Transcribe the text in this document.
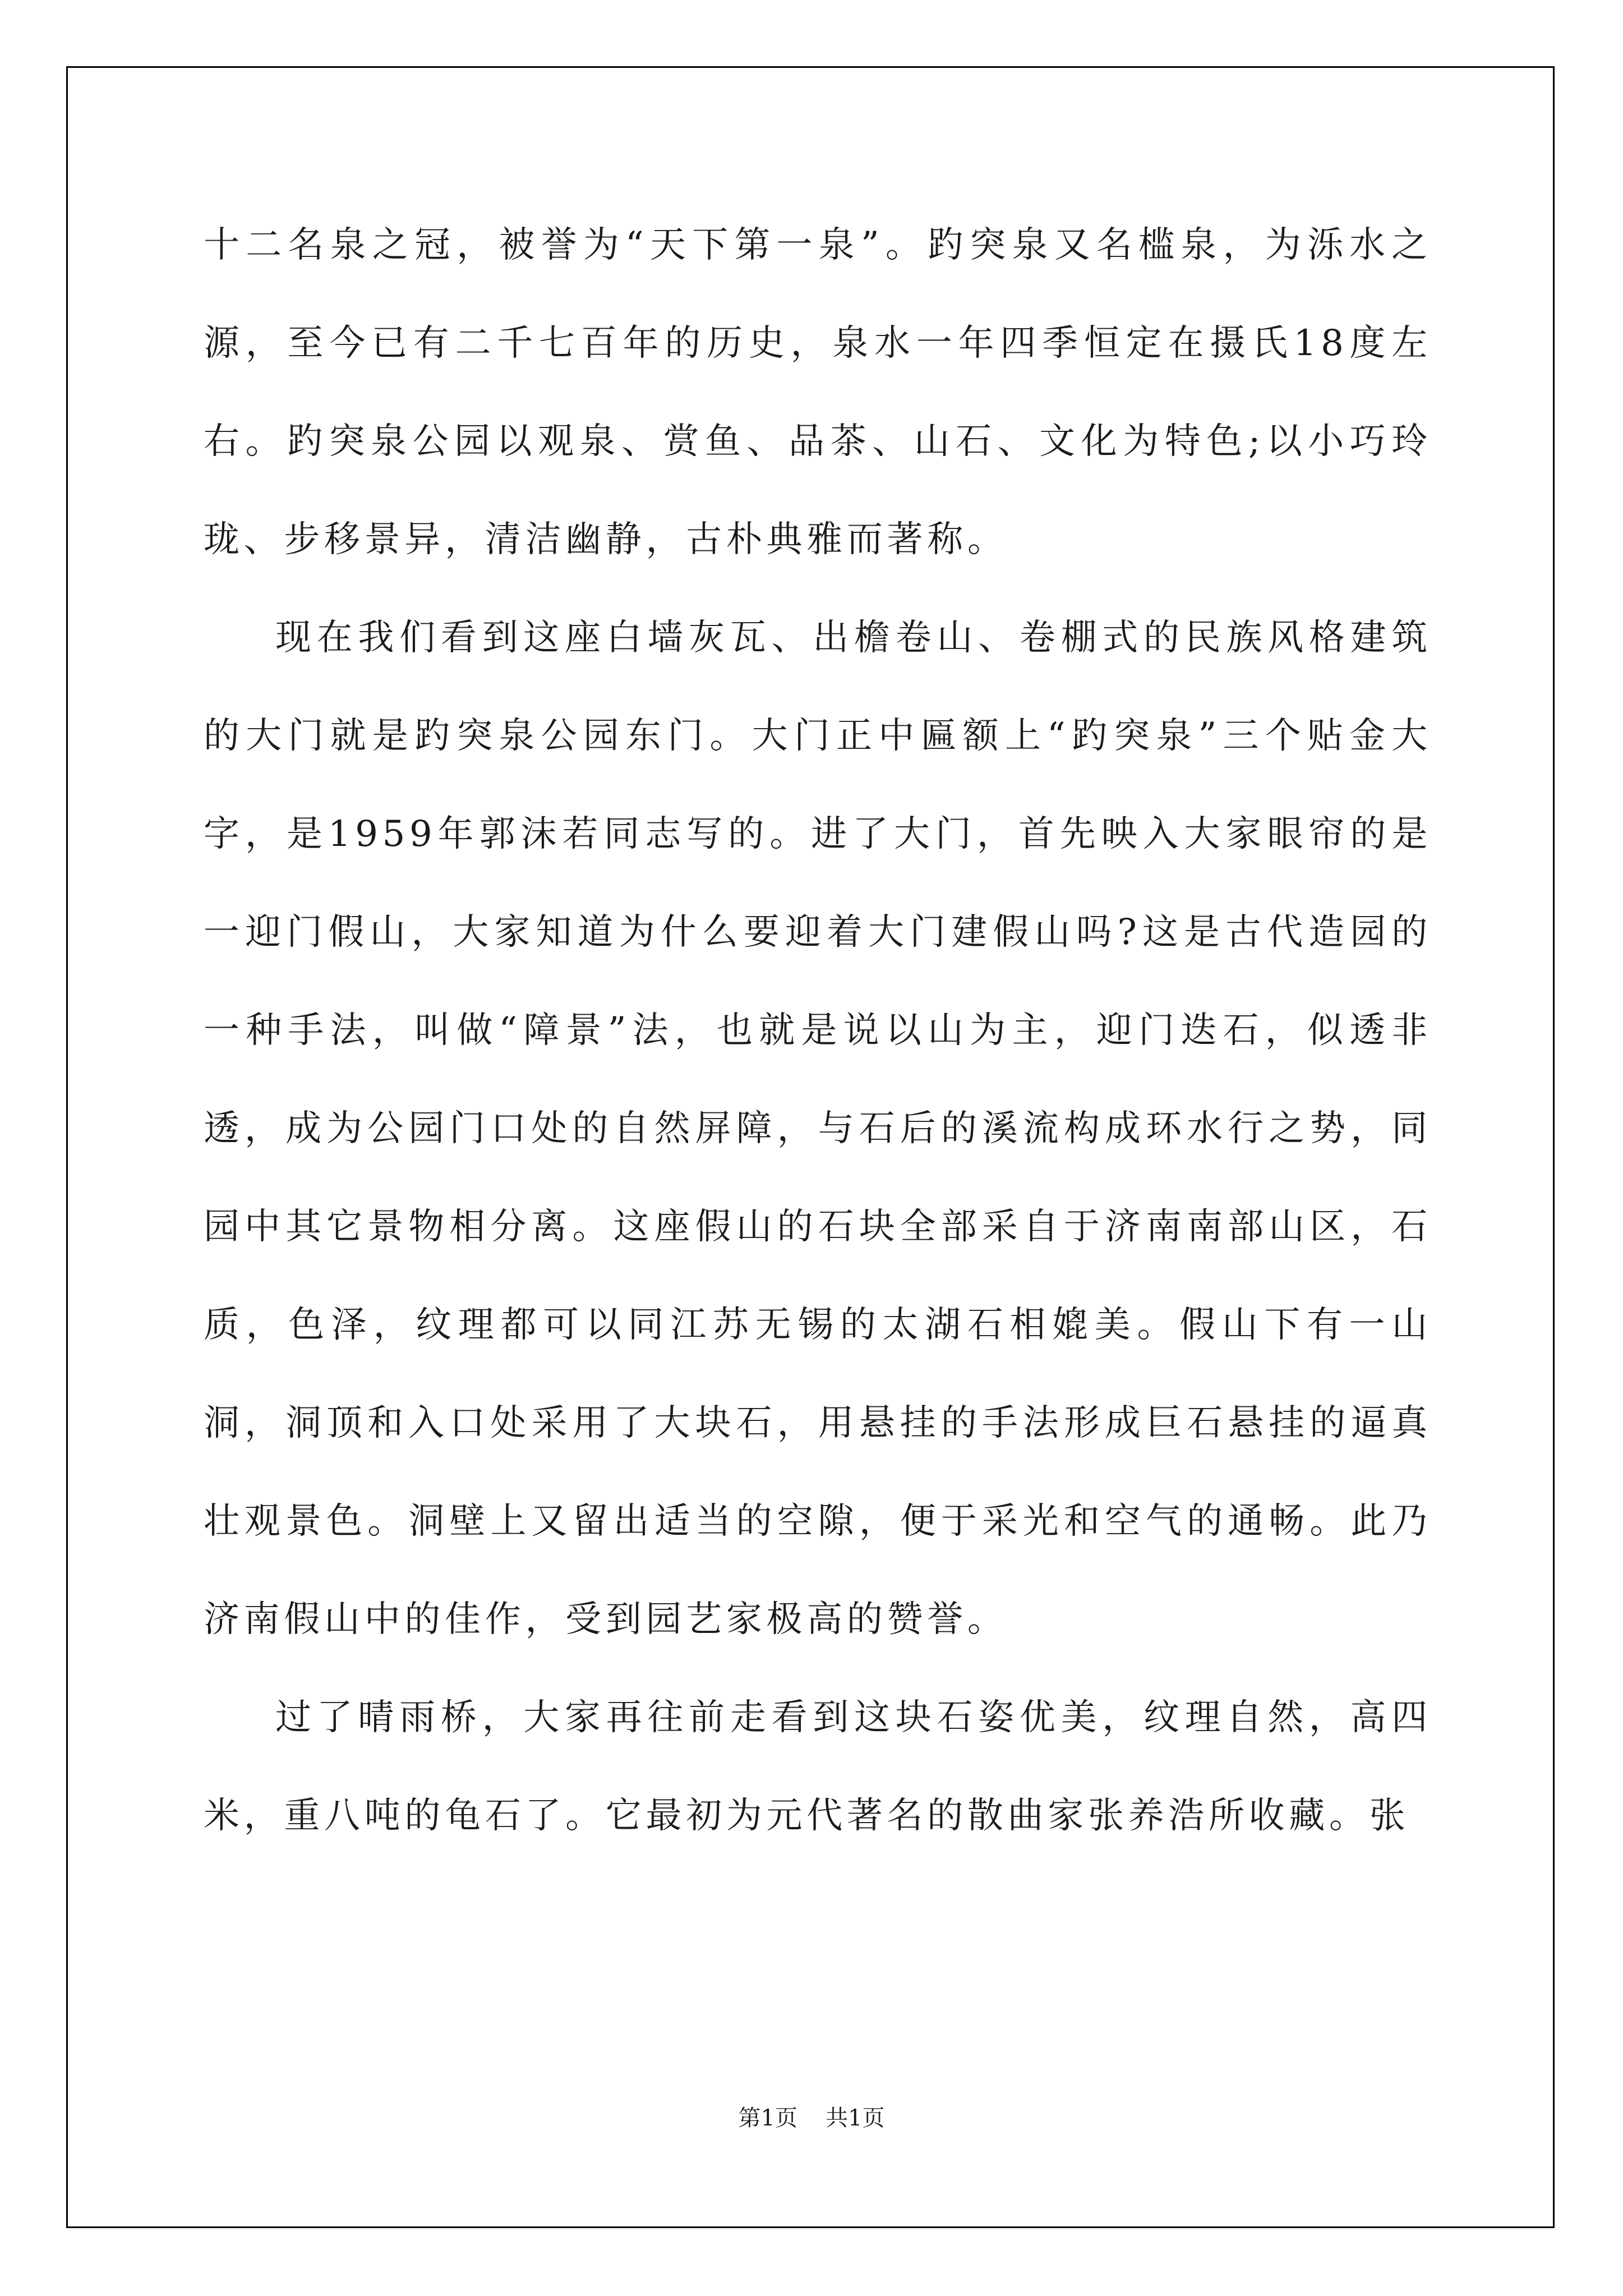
十二名泉之冠，被誉为“天下第一泉”。趵突泉又名槛泉，为泺水之源，至今已有二千七百年的历史，泉水一年四季恒定在摄氏18度左右。趵突泉公园以观泉、赏鱼、品茶、山石、文化为特色;以小巧玲珑、步移景异，清洁幽静，古朴典雅而著称。

现在我们看到这座白墙灰瓦、出檐卷山、卷棚式的民族风格建筑的大门就是趵突泉公园东门。大门正中匾额上“趵突泉”三个贴金大字，是1959年郭沫若同志写的。进了大门，首先映入大家眼帘的是一迎门假山，大家知道为什么要迎着大门建假山吗?这是古代造园的一种手法，叫做“障景”法，也就是说以山为主，迎门迭石，似透非透，成为公园门口处的自然屏障，与石后的溪流构成环水行之势，同园中其它景物相分离。这座假山的石块全部采自于济南南部山区，石质，色泽，纹理都可以同江苏无锡的太湖石相媲美。假山下有一山洞，洞顶和入口处采用了大块石，用悬挂的手法形成巨石悬挂的逼真壮观景色。洞壁上又留出适当的空隙，便于采光和空气的通畅。此乃济南假山中的佳作，受到园艺家极高的赞誉。

过了晴雨桥，大家再往前走看到这块石姿优美，纹理自然，高四米，重八吨的龟石了。它最初为元代著名的散曲家张养浩所收藏。张

第1页 共1页
